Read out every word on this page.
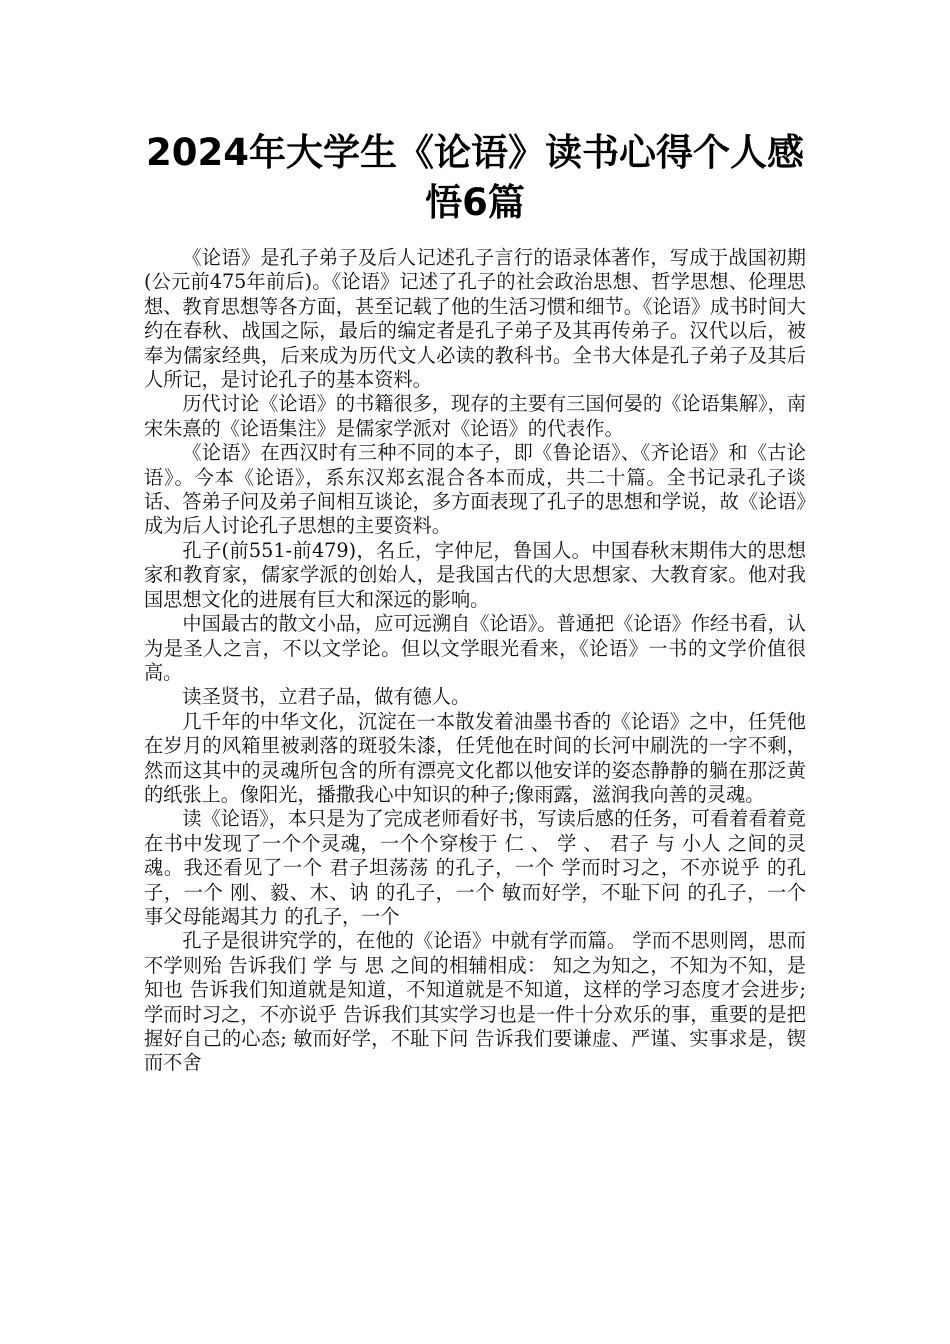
2024年大学生《论语》读书心得个人感
悟6篇

《论语》是孔子弟子及后人记述孔子言行的语录体著作，写成于战国初期(公元前475年前后)。《论语》记述了孔子的社会政治思想、哲学思想、伦理思想、教育思想等各方面，甚至记载了他的生活习惯和细节。《论语》成书时间大约在春秋、战国之际，最后的编定者是孔子弟子及其再传弟子。汉代以后，被奉为儒家经典，后来成为历代文人必读的教科书。全书大体是孔子弟子及其后人所记，是讨论孔子的基本资料。

历代讨论《论语》的书籍很多，现存的主要有三国何晏的《论语集解》，南宋朱熹的《论语集注》是儒家学派对《论语》的代表作。

《论语》在西汉时有三种不同的本子，即《鲁论语》、《齐论语》和《古论语》。今本《论语》，系东汉郑玄混合各本而成，共二十篇。全书记录孔子谈话、答弟子问及弟子间相互谈论，多方面表现了孔子的思想和学说，故《论语》成为后人讨论孔子思想的主要资料。

孔子(前551-前479)，名丘，字仲尼，鲁国人。中国春秋末期伟大的思想家和教育家，儒家学派的创始人，是我国古代的大思想家、大教育家。他对我国思想文化的进展有巨大和深远的影响。

中国最古的散文小品，应可远溯自《论语》。普通把《论语》作经书看，认为是圣人之言，不以文学论。但以文学眼光看来，《论语》一书的文学价值很高。

读圣贤书，立君子品，做有德人。

几千年的中华文化，沉淀在一本散发着油墨书香的《论语》之中，任凭他在岁月的风箱里被剥落的斑驳朱漆，任凭他在时间的长河中刷洗的一字不剩，然而这其中的灵魂所包含的所有漂亮文化都以他安详的姿态静静的躺在那泛黄的纸张上。像阳光，播撒我心中知识的种子;像雨露，滋润我向善的灵魂。

读《论语》，本只是为了完成老师看好书，写读后感的任务，可看着看着竟在书中发现了一个个灵魂，一个个穿梭于 仁 、 学 、 君子 与 小人 之间的灵魂。我还看见了一个 君子坦荡荡 的孔子，一个 学而时习之，不亦说乎 的孔子，一个 刚、毅、木、讷 的孔子，一个 敏而好学，不耻下问 的孔子，一个 事父母能竭其力 的孔子，一个

孔子是很讲究学的，在他的《论语》中就有学而篇。 学而不思则罔，思而不学则殆 告诉我们 学 与 思 之间的相辅相成： 知之为知之，不知为不知，是知也 告诉我们知道就是知道，不知道就是不知道，这样的学习态度才会进步; 学而时习之，不亦说乎 告诉我们其实学习也是一件十分欢乐的事，重要的是把握好自己的心态; 敏而好学，不耻下问 告诉我们要谦虚、严谨、实事求是，锲而不舍
